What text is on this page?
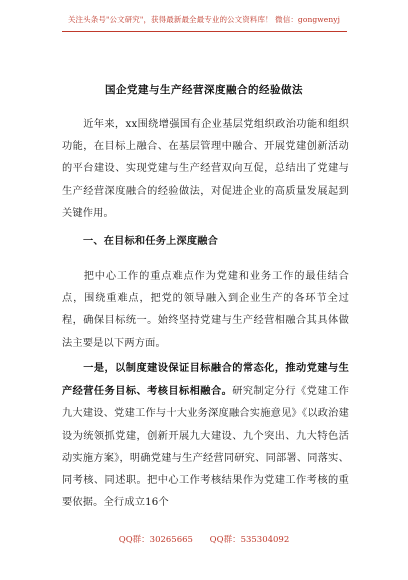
关注头条号"公文研究"，获得最新最全最专业的公文资料库！ 微信：gongwenyj
国企党建与生产经营深度融合的经验做法
近年来，xx围绕增强国有企业基层党组织政治功能和组织功能，在目标上融合、在基层管理中融合、开展党建创新活动的平台建设、实现党建与生产经营双向互促，总结出了党建与生产经营深度融合的经验做法，对促进企业的高质量发展起到关键作用。
一、在目标和任务上深度融合
把中心工作的重点难点作为党建和业务工作的最佳结合点，围绕重难点，把党的领导融入到企业生产的各环节全过程，确保目标统一。始终坚持党建与生产经营相融合其具体做法主要是以下两方面。
一是，以制度建设保证目标融合的常态化，推动党建与生产经营任务目标、考核目标相融合。研究制定分行《党建工作九大建设、党建工作与十大业务深度融合实施意见》《以政治建设为统领抓党建，创新开展九大建设、九个突出、九大特色活动实施方案》，明确党建与生产经营同研究、同部署、同落实、同考核、同述职。把中心工作考核结果作为党建工作考核的重要依据。全行成立16个
QQ群：30265665 QQ群：535304092
